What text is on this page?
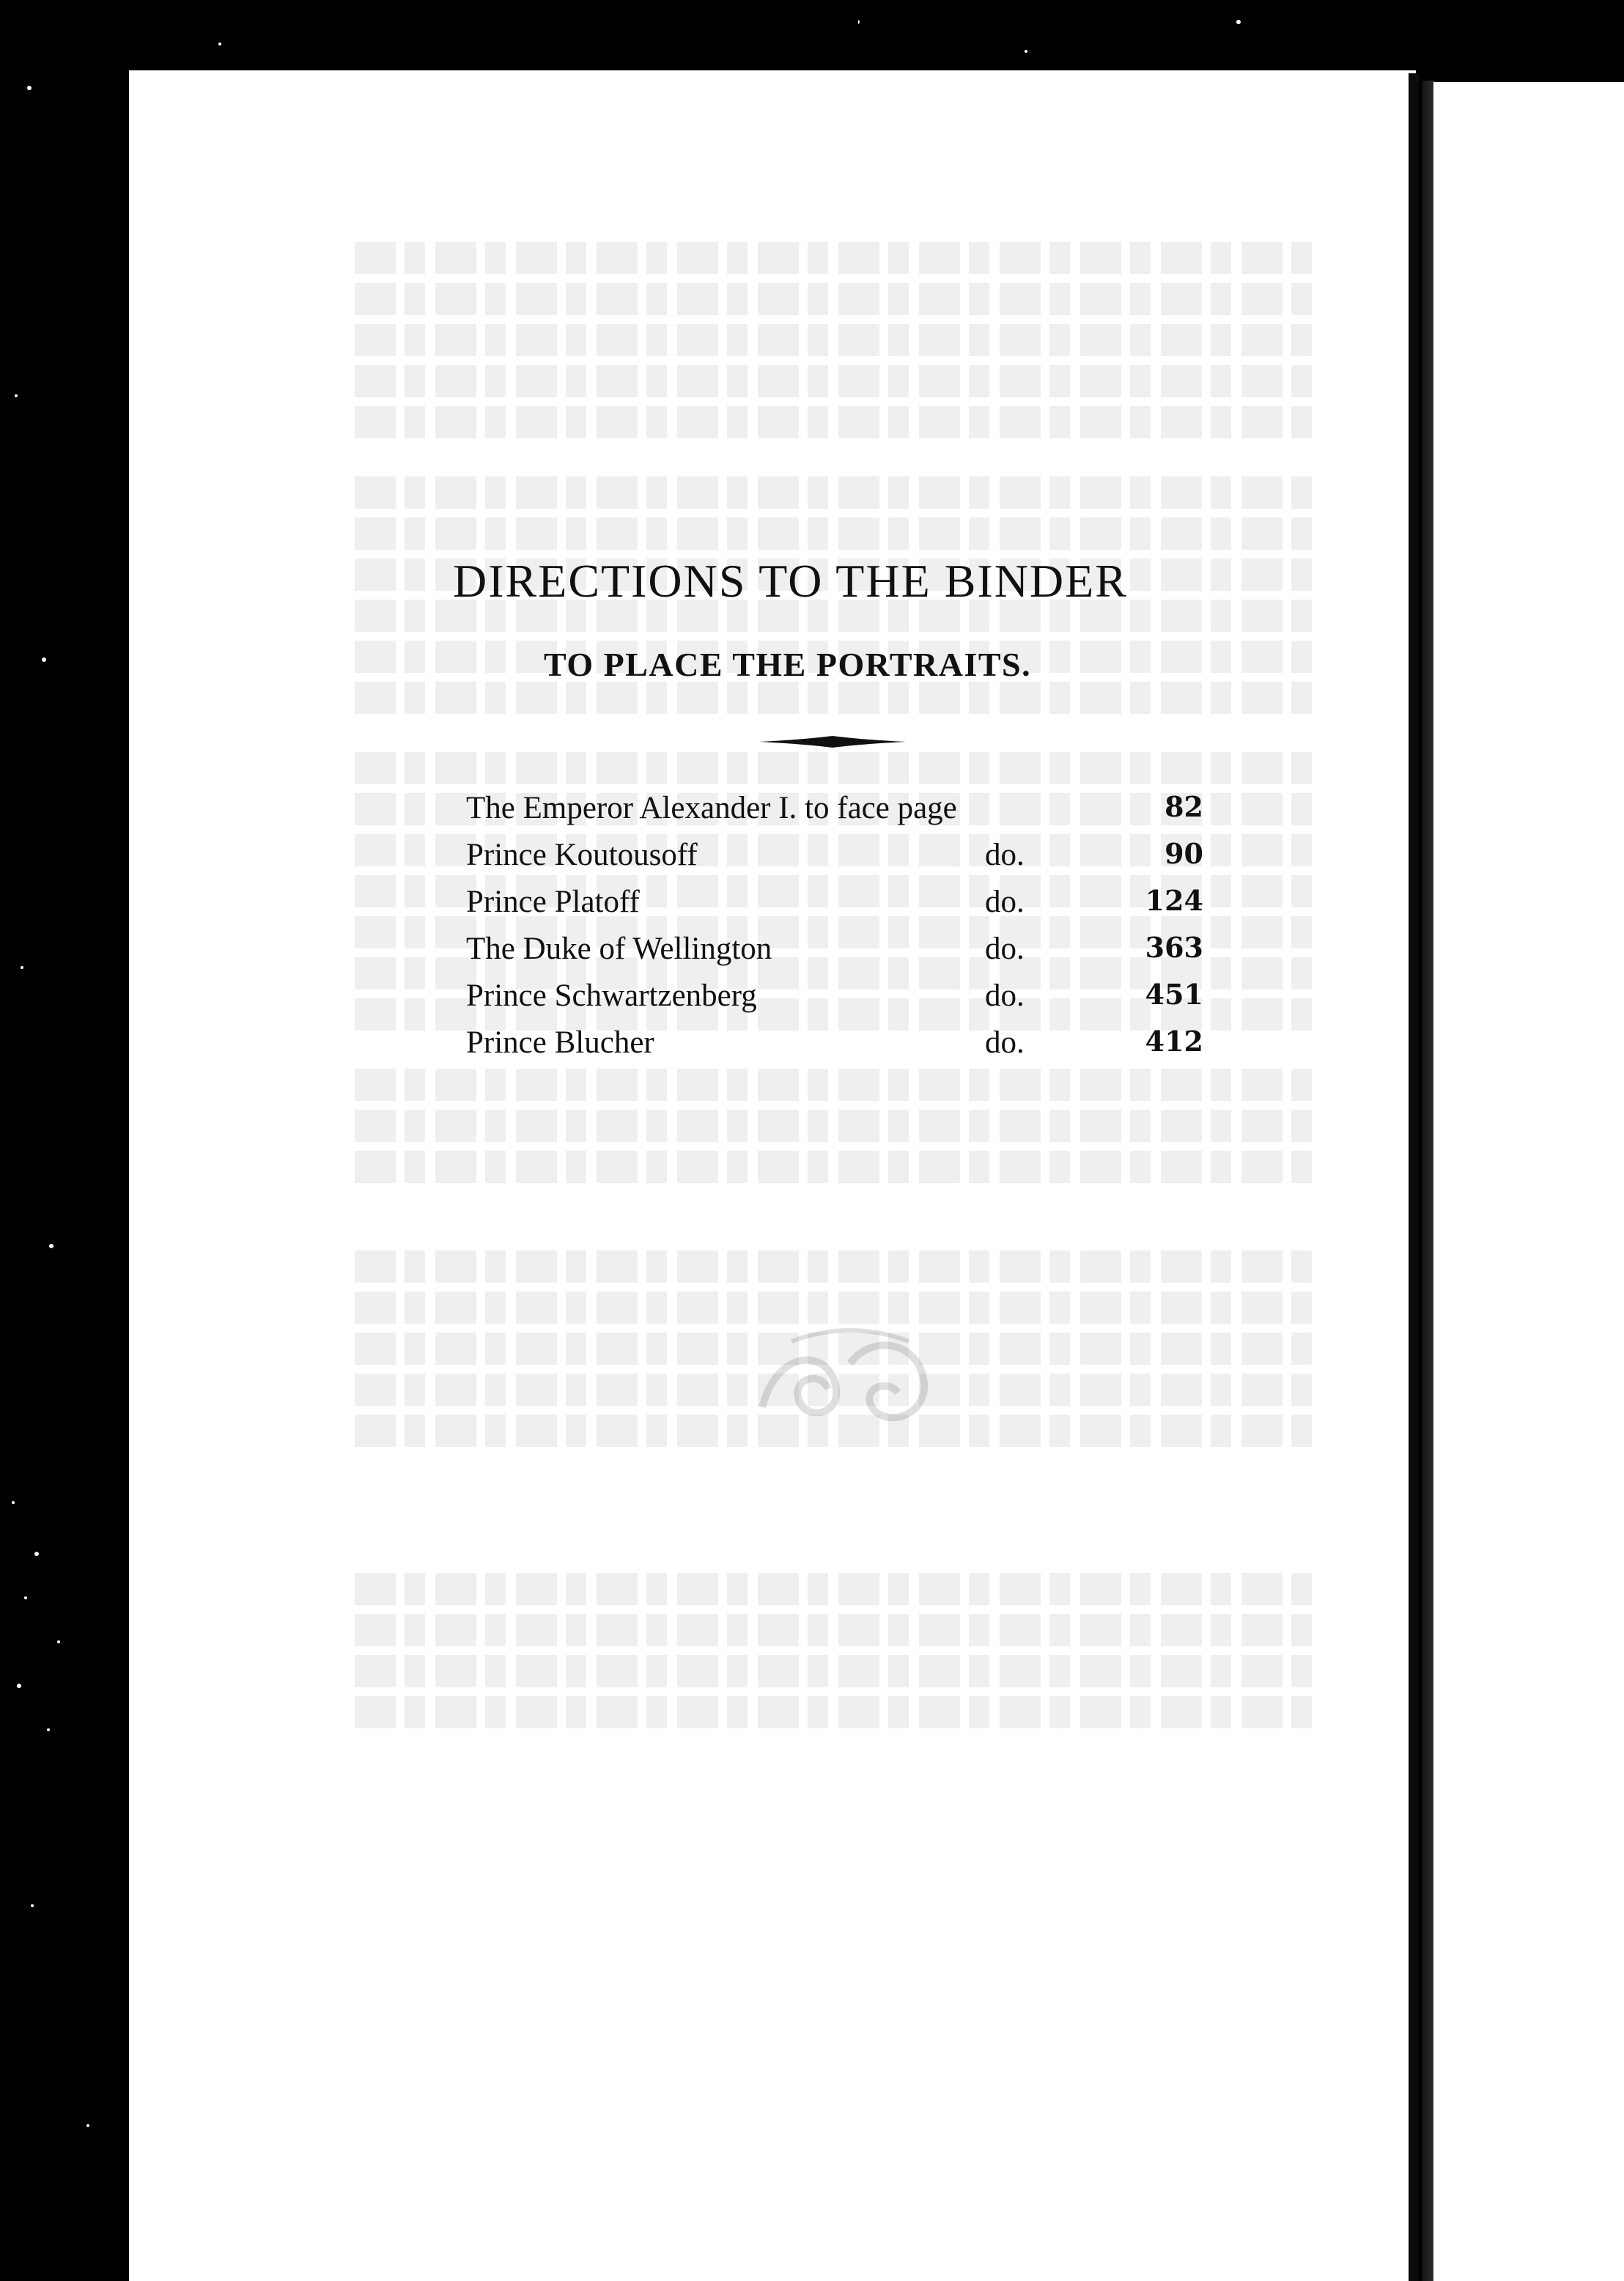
DIRECTIONS TO THE BINDER
TO PLACE THE PORTRAITS.
The Emperor Alexander I. to face page	82
Prince Koutousoff	do.	90
Prince Platoff	do.	124
The Duke of Wellington	do.	363
Prince Schwartzenberg	do.	451
Prince Blucher	do.	412
